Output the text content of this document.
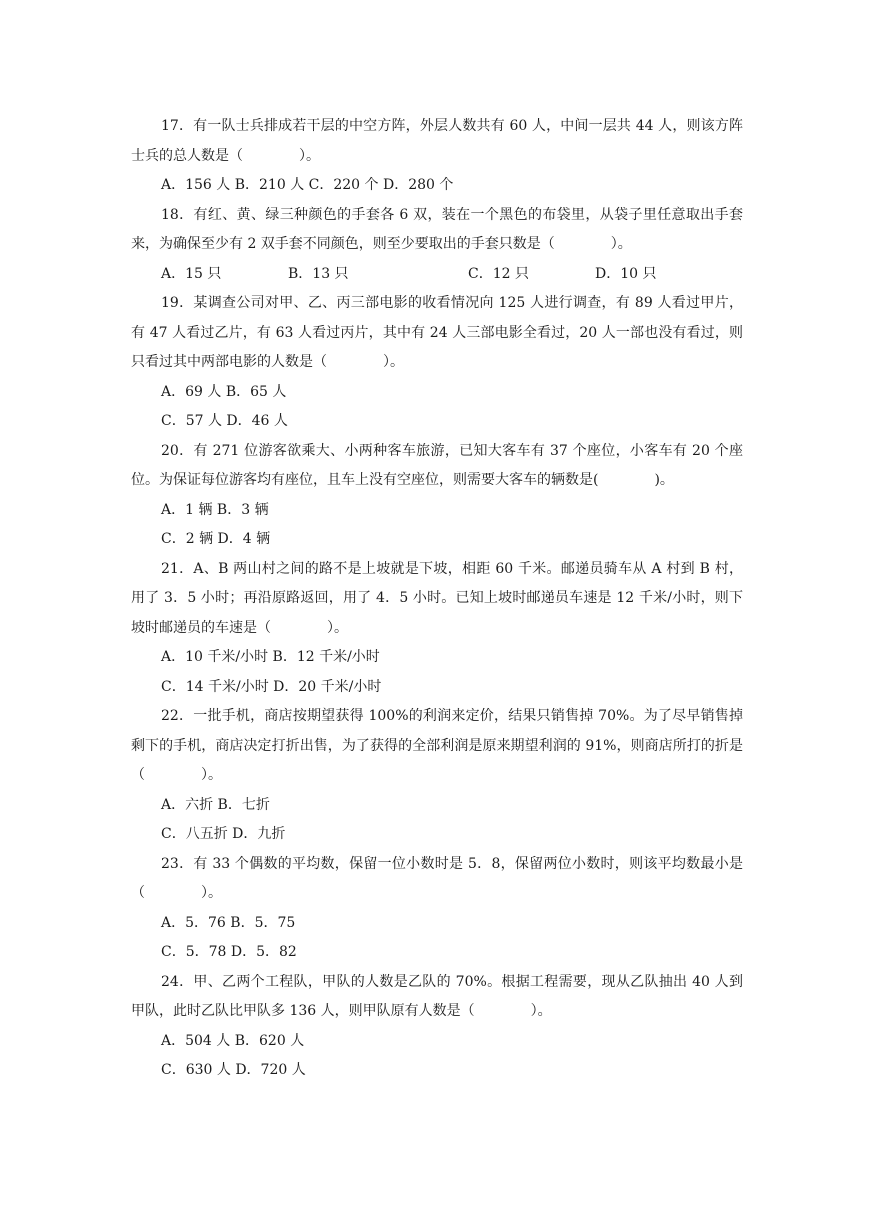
17．有一队士兵排成若干层的中空方阵，外层人数共有 60 人，中间一层共 44 人，则该方阵士兵的总人数是（　　　　）。

A．156 人 B．210 人 C．220 个 D．280 个

18．有红、黄、绿三种颜色的手套各 6 双，装在一个黑色的布袋里，从袋子里任意取出手套来，为确保至少有 2 双手套不同颜色，则至少要取出的手套只数是（　　　　）。

A．15 只	B．13 只	C．12 只	D．10 只

19．某调查公司对甲、乙、丙三部电影的收看情况向 125 人进行调查，有 89 人看过甲片，有 47 人看过乙片，有 63 人看过丙片，其中有 24 人三部电影全看过，20 人一部也没有看过，则只看过其中两部电影的人数是（　　　　）。

A．69 人 B．65 人

C．57 人 D．46 人

20．有 271 位游客欲乘大、小两种客车旅游，已知大客车有 37 个座位，小客车有 20 个座位。为保证每位游客均有座位，且车上没有空座位，则需要大客车的辆数是(　　　　)。

A．1 辆 B．3 辆

C．2 辆 D．4 辆

21．A、B 两山村之间的路不是上坡就是下坡，相距 60 千米。邮递员骑车从 A 村到 B 村，用了 3．5 小时；再沿原路返回，用了 4．5 小时。已知上坡时邮递员车速是 12 千米/小时，则下坡时邮递员的车速是（　　　　）。

A．10 千米/小时 B．12 千米/小时

C．14 千米/小时 D．20 千米/小时

22．一批手机，商店按期望获得 100%的利润来定价，结果只销售掉 70%。为了尽早销售掉剩下的手机，商店决定打折出售，为了获得的全部利润是原来期望利润的 91%，则商店所打的折是（　　　　）。

A．六折 B．七折

C．八五折 D．九折

23．有 33 个偶数的平均数，保留一位小数时是 5．8，保留两位小数时，则该平均数最小是（　　　　）。

A．5．76 B．5．75

C．5．78 D．5．82

24．甲、乙两个工程队，甲队的人数是乙队的 70%。根据工程需要，现从乙队抽出 40 人到甲队，此时乙队比甲队多 136 人，则甲队原有人数是（　　　　）。

A．504 人 B．620 人

C．630 人 D．720 人
